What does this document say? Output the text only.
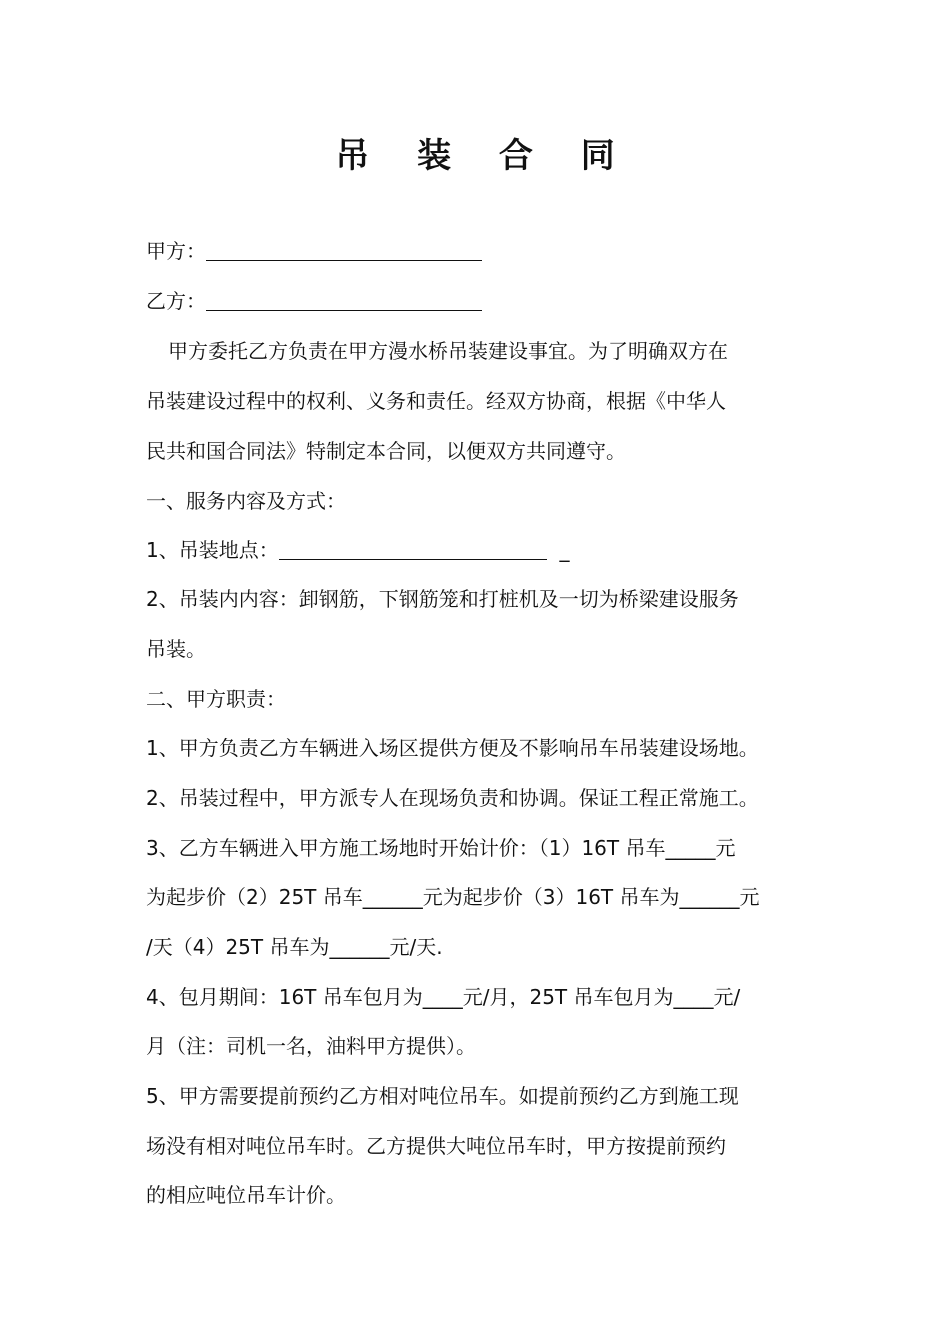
吊 装 合 同
甲方：
乙方：
甲方委托乙方负责在甲方漫水桥吊装建设事宜。为了明确双方在
吊装建设过程中的权利、义务和责任。经双方协商，根据《中华人
民共和国合同法》特制定本合同，以便双方共同遵守。
一、服务内容及方式：
1、吊装地点：	_
2、吊装内内容：卸钢筋，下钢筋笼和打桩机及一切为桥梁建设服务
吊装。
二、甲方职责：
1、甲方负责乙方车辆进入场区提供方便及不影响吊车吊装建设场地。
2、吊装过程中，甲方派专人在现场负责和协调。保证工程正常施工。
3、乙方车辆进入甲方施工场地时开始计价：（1）16T 吊车_____元
为起步价（2）25T 吊车______元为起步价（3）16T 吊车为______元
/天（4）25T 吊车为______元/天.
4、包月期间：16T 吊车包月为____元/月，25T 吊车包月为____元/
月（注：司机一名，油料甲方提供）。
5、甲方需要提前预约乙方相对吨位吊车。如提前预约乙方到施工现
场没有相对吨位吊车时。乙方提供大吨位吊车时，甲方按提前预约
的相应吨位吊车计价。
